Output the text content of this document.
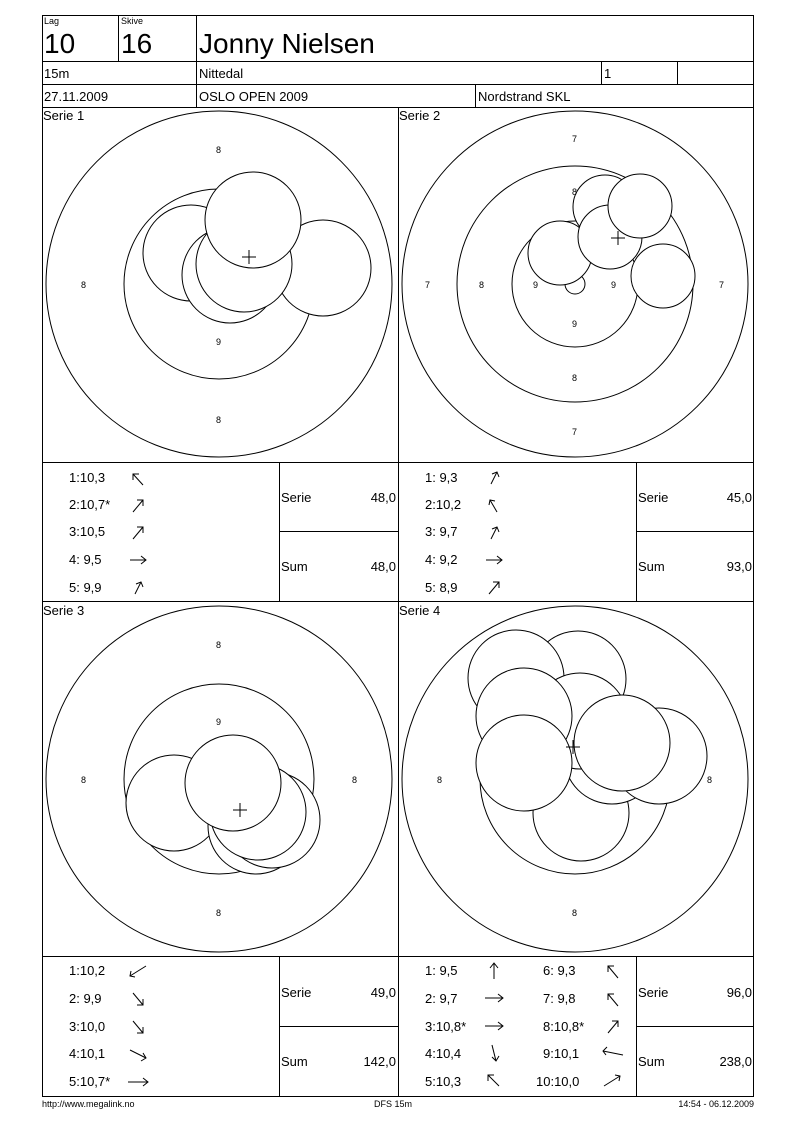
Lag
10
Skive
16 Jonny Nielsen
15m	Nittedal	1
27.11.2009	OSLO OPEN 2009	Nordstrand SKL
Serie 1
8
8
9
8
Serie 2
7
8
7	8	9	9	7
9
8
7
1:10,3
2:10,7*
3:10,5
4: 9,5
5: 9,9
Serie	48,0
Sum	48,0
1: 9,3
2:10,2
3: 9,7
4: 9,2
5: 8,9
Serie	45,0
Sum	93,0
Serie 3
8
9
8	8
8
Serie 4
8	8
8
1:10,2
2: 9,9
3:10,0
4:10,1
5:10,7*
Serie	49,0
Sum	142,0
1: 9,5
2: 9,7
3:10,8*
4:10,4
5:10,3
6: 9,3
7: 9,8
8:10,8*
9:10,1
10:10,0
Serie	96,0
Sum	238,0
http://www.megalink.no	DFS 15m	14:54 - 06.12.2009
